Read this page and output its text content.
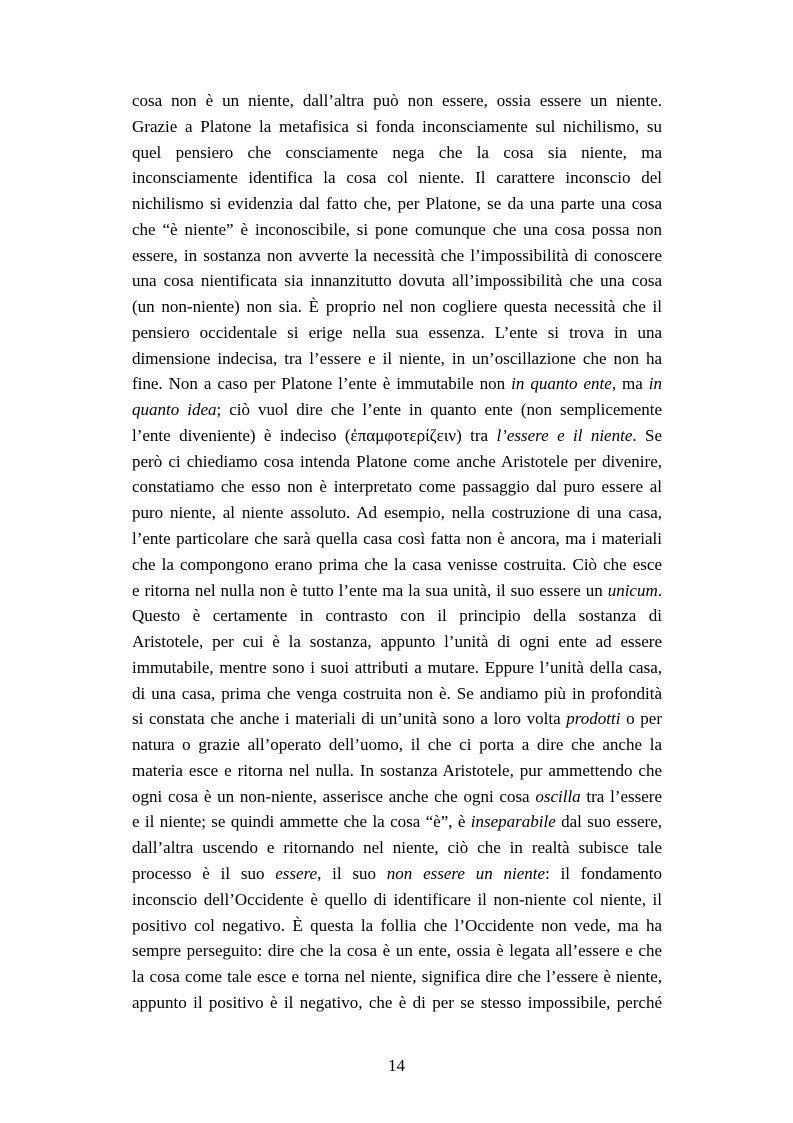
cosa non è un niente, dall’altra può non essere, ossia essere un niente.
Grazie a Platone la metafisica si fonda inconsciamente sul nichilismo, su
quel pensiero che consciamente nega che la cosa sia niente, ma
inconsciamente identifica la cosa col niente. Il carattere inconscio del
nichilismo si evidenzia dal fatto che, per Platone, se da una parte una cosa
che “è niente” è inconoscibile, si pone comunque che una cosa possa non
essere, in sostanza non avverte la necessità che l’impossibilità di conoscere
una cosa nientificata sia innanzitutto dovuta all’impossibilità che una cosa
(un non-niente) non sia. È proprio nel non cogliere questa necessità che il
pensiero occidentale si erige nella sua essenza. L’ente si trova in una
dimensione indecisa, tra l’essere e il niente, in un’oscillazione che non ha
fine. Non a caso per Platone l’ente è immutabile non in quanto ente, ma in
quanto idea; ciò vuol dire che l’ente in quanto ente (non semplicemente
l’ente diveniente) è indeciso (ἐπαμφοτερίζειν) tra l’essere e il niente. Se
però ci chiediamo cosa intenda Platone come anche Aristotele per divenire,
constatiamo che esso non è interpretato come passaggio dal puro essere al
puro niente, al niente assoluto. Ad esempio, nella costruzione di una casa,
l’ente particolare che sarà quella casa così fatta non è ancora, ma i materiali
che la compongono erano prima che la casa venisse costruita. Ciò che esce
e ritorna nel nulla non è tutto l’ente ma la sua unità, il suo essere un unicum.
Questo è certamente in contrasto con il principio della sostanza di
Aristotele, per cui è la sostanza, appunto l’unità di ogni ente ad essere
immutabile, mentre sono i suoi attributi a mutare. Eppure l’unità della casa,
di una casa, prima che venga costruita non è. Se andiamo più in profondità
si constata che anche i materiali di un’unità sono a loro volta prodotti o per
natura o grazie all’operato dell’uomo, il che ci porta a dire che anche la
materia esce e ritorna nel nulla. In sostanza Aristotele, pur ammettendo che
ogni cosa è un non-niente, asserisce anche che ogni cosa oscilla tra l’essere
e il niente; se quindi ammette che la cosa “è”, è inseparabile dal suo essere,
dall’altra uscendo e ritornando nel niente, ciò che in realtà subisce tale
processo è il suo essere, il suo non essere un niente: il fondamento
inconscio dell’Occidente è quello di identificare il non-niente col niente, il
positivo col negativo. È questa la follia che l’Occidente non vede, ma ha
sempre perseguito: dire che la cosa è un ente, ossia è legata all’essere e che
la cosa come tale esce e torna nel niente, significa dire che l’essere è niente,
appunto il positivo è il negativo, che è di per se stesso impossibile, perché
14
